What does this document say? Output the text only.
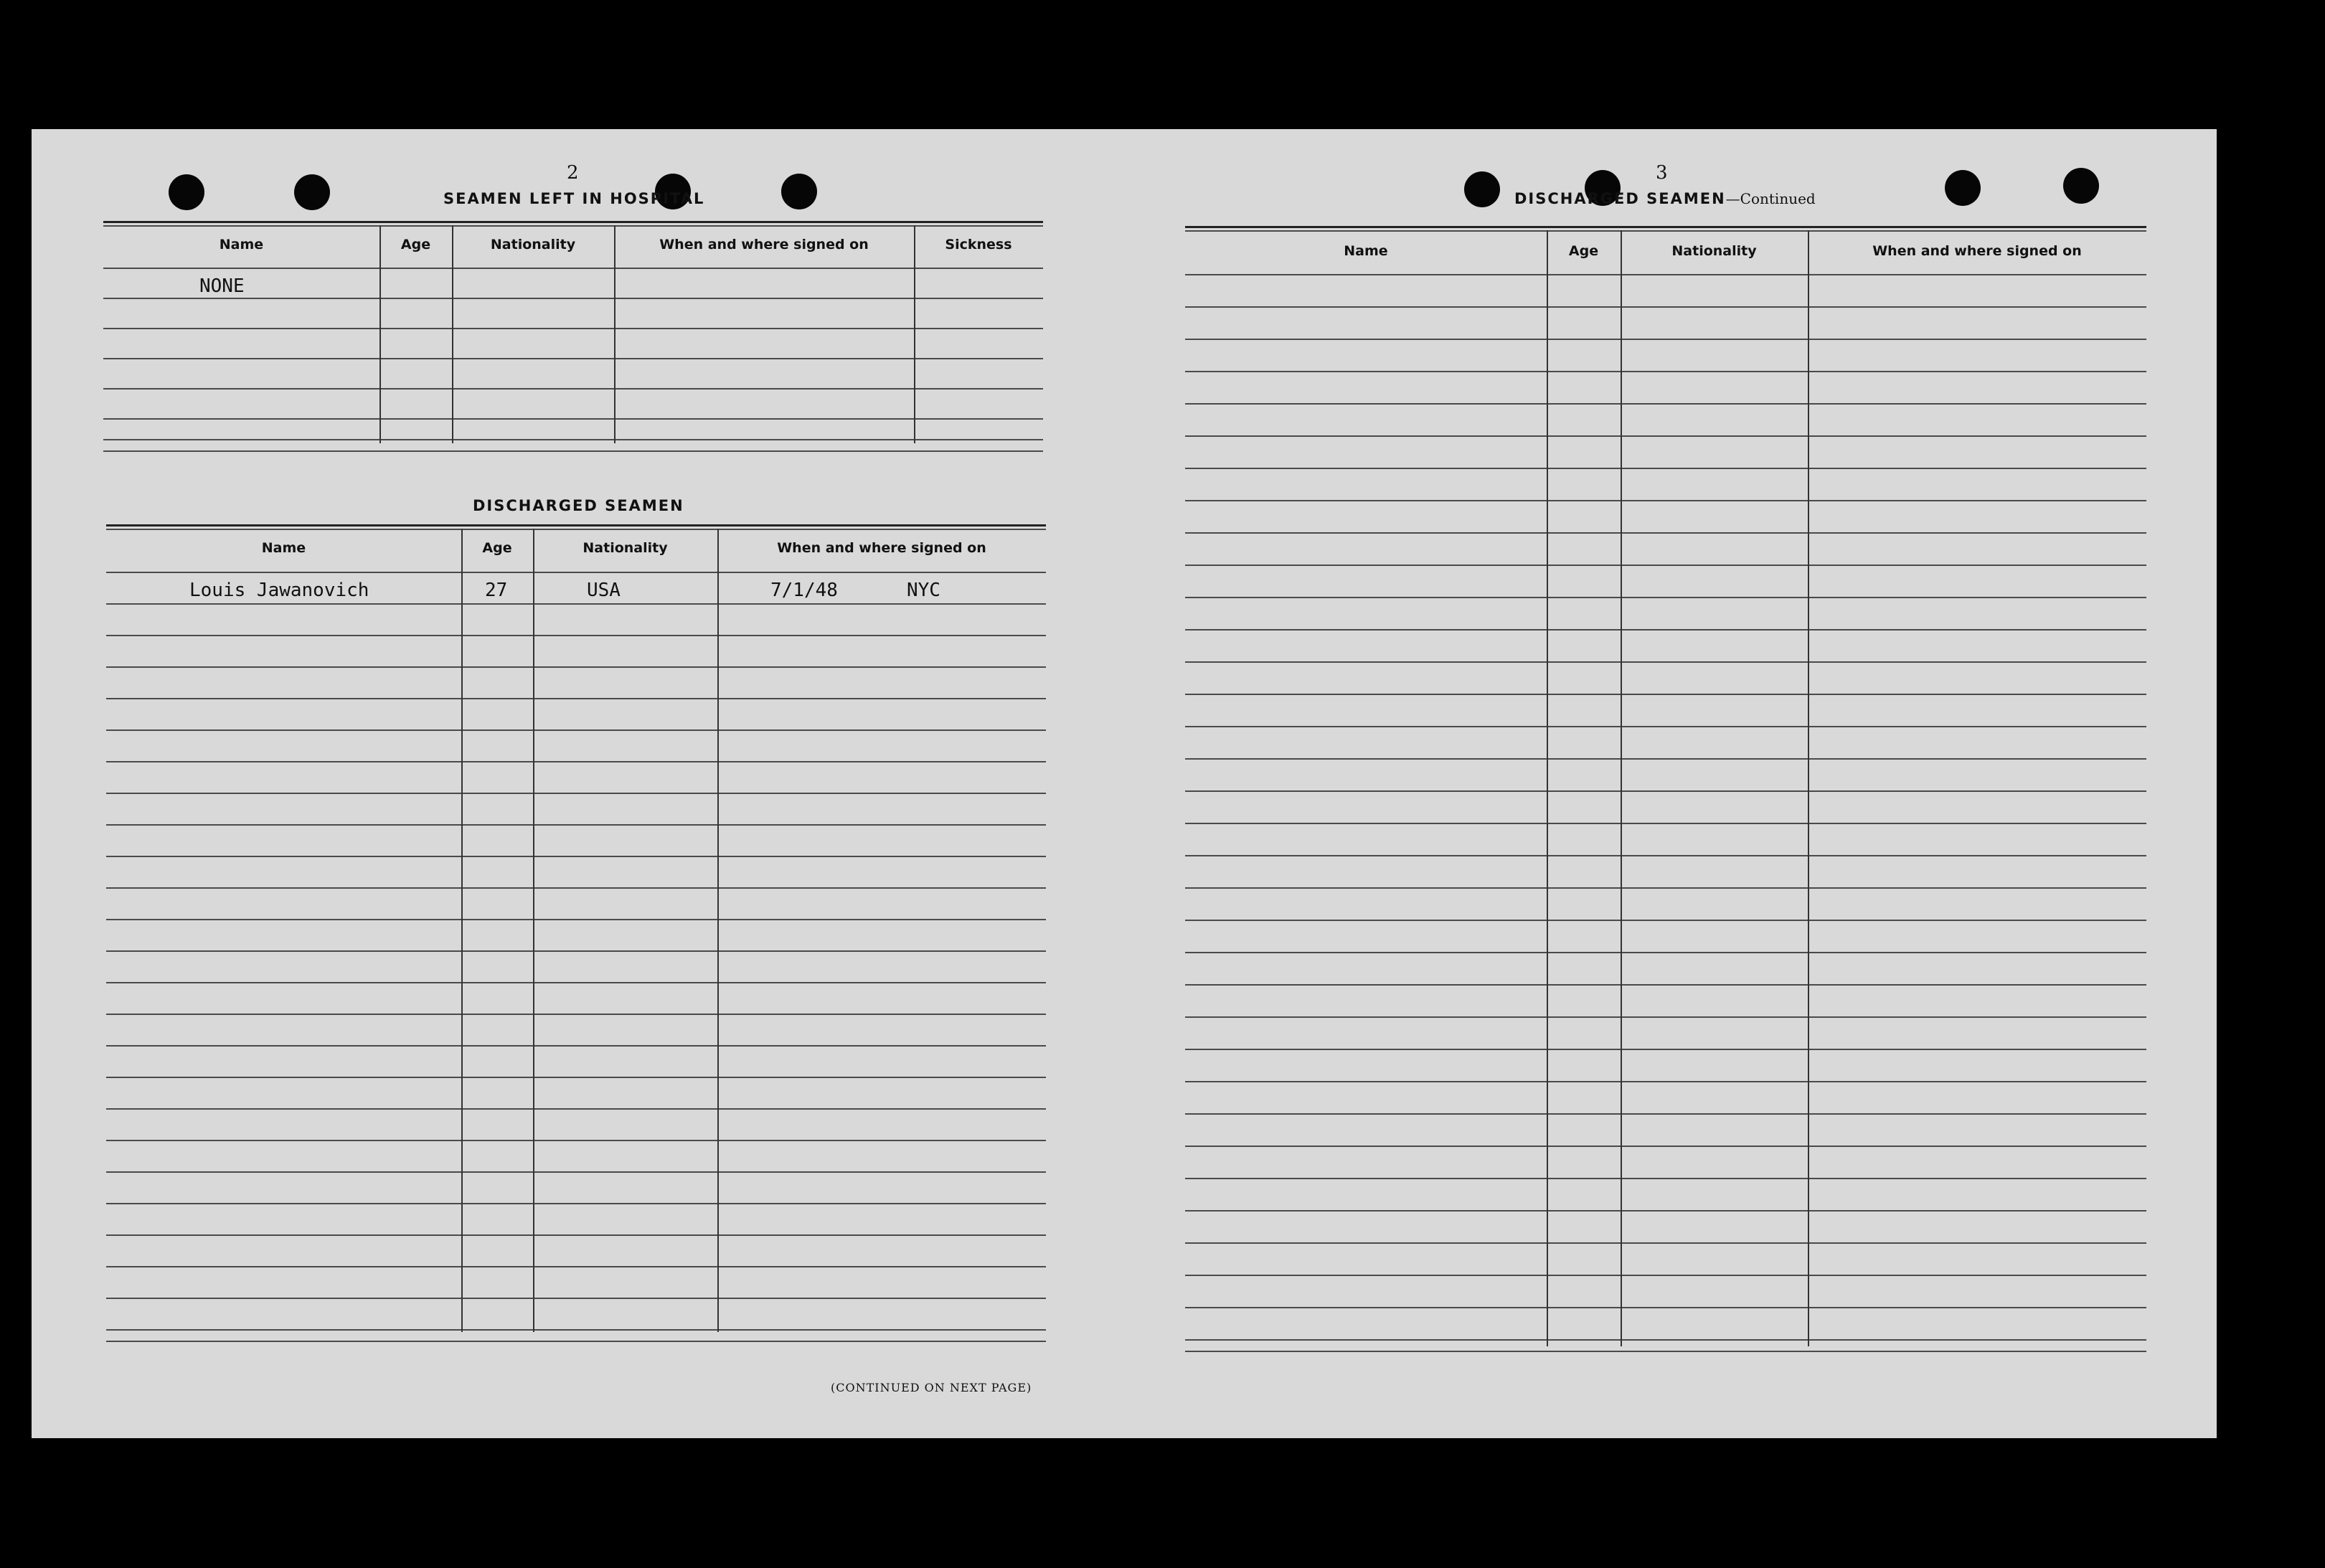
2
SEAMEN LEFT IN HOSPITAL
Name	Age	Nationality	When and where signed on	Sickness
NONE
DISCHARGED SEAMEN
Name	Age	Nationality	When and where signed on
Louis Jawanovich	27	USA	7/1/48	NYC
(CONTINUED ON NEXT PAGE)
3
DISCHARGED SEAMEN—Continued
Name	Age	Nationality	When and where signed on
